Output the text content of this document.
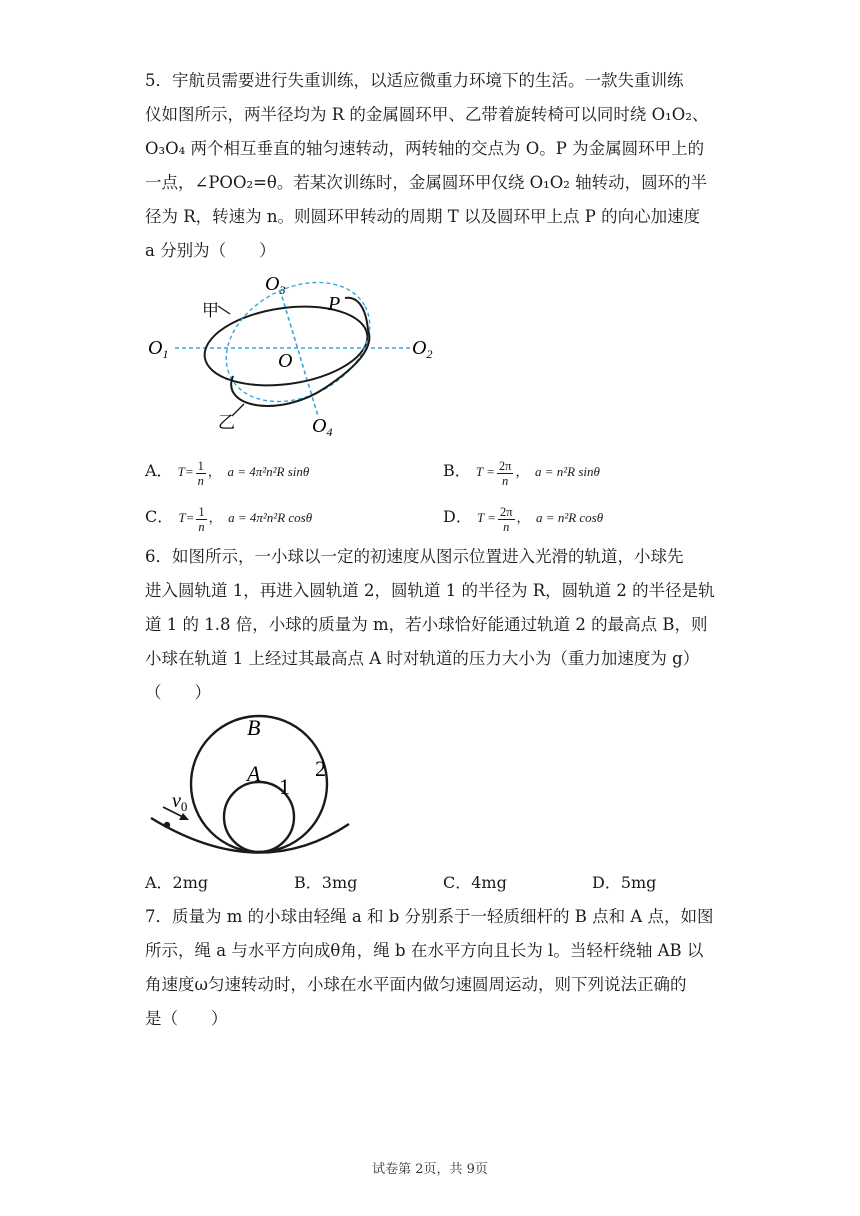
5．宇航员需要进行失重训练，以适应微重力环境下的生活。一款失重训练
仪如图所示，两半径均为 R 的金属圆环甲、乙带着旋转椅可以同时绕 O₁O₂、
O₃O₄ 两个相互垂直的轴匀速转动，两转轴的交点为 O。P 为金属圆环甲上的
一点，∠POO₂=θ。若某次训练时，金属圆环甲仅绕 O₁O₂ 轴转动，圆环的半
径为 R，转速为 n。则圆环甲转动的周期 T 以及圆环甲上点 P 的向心加速度
a 分别为（　　）
$O_1$	$O_2$
$O_3$
$O_4$
O
P
甲
乙
A． $T= \frac{1}{n}$ ，  a = 4π²n²R sinθ	B． $T = \frac{2\pi}{n}$ ，  a = n²R sinθ
C． $T= \frac{1}{n}$ ，  a = 4π²n²R cosθ	D． $T = \frac{2\pi}{n}$ ，  a = n²R cosθ
6．如图所示，一小球以一定的初速度从图示位置进入光滑的轨道，小球先
进入圆轨道 1，再进入圆轨道 2，圆轨道 1 的半径为 R，圆轨道 2 的半径是轨
道 1 的 1.8 倍，小球的质量为 m，若小球恰好能通过轨道 2 的最高点 B，则
小球在轨道 1 上经过其最高点 A 时对轨道的压力大小为（重力加速度为 g）
（　　）
B
A
1
2
$v_0$
A．2mg	B．3mg	C．4mg	D．5mg
7．质量为 m 的小球由轻绳 a 和 b 分别系于一轻质细杆的 B 点和 A 点，如图
所示，绳 a 与水平方向成θ角，绳 b 在水平方向且长为 l。当轻杆绕轴 AB 以
角速度ω匀速转动时，小球在水平面内做匀速圆周运动，则下列说法正确的
是（　　）
试卷第 2页，共 9页
